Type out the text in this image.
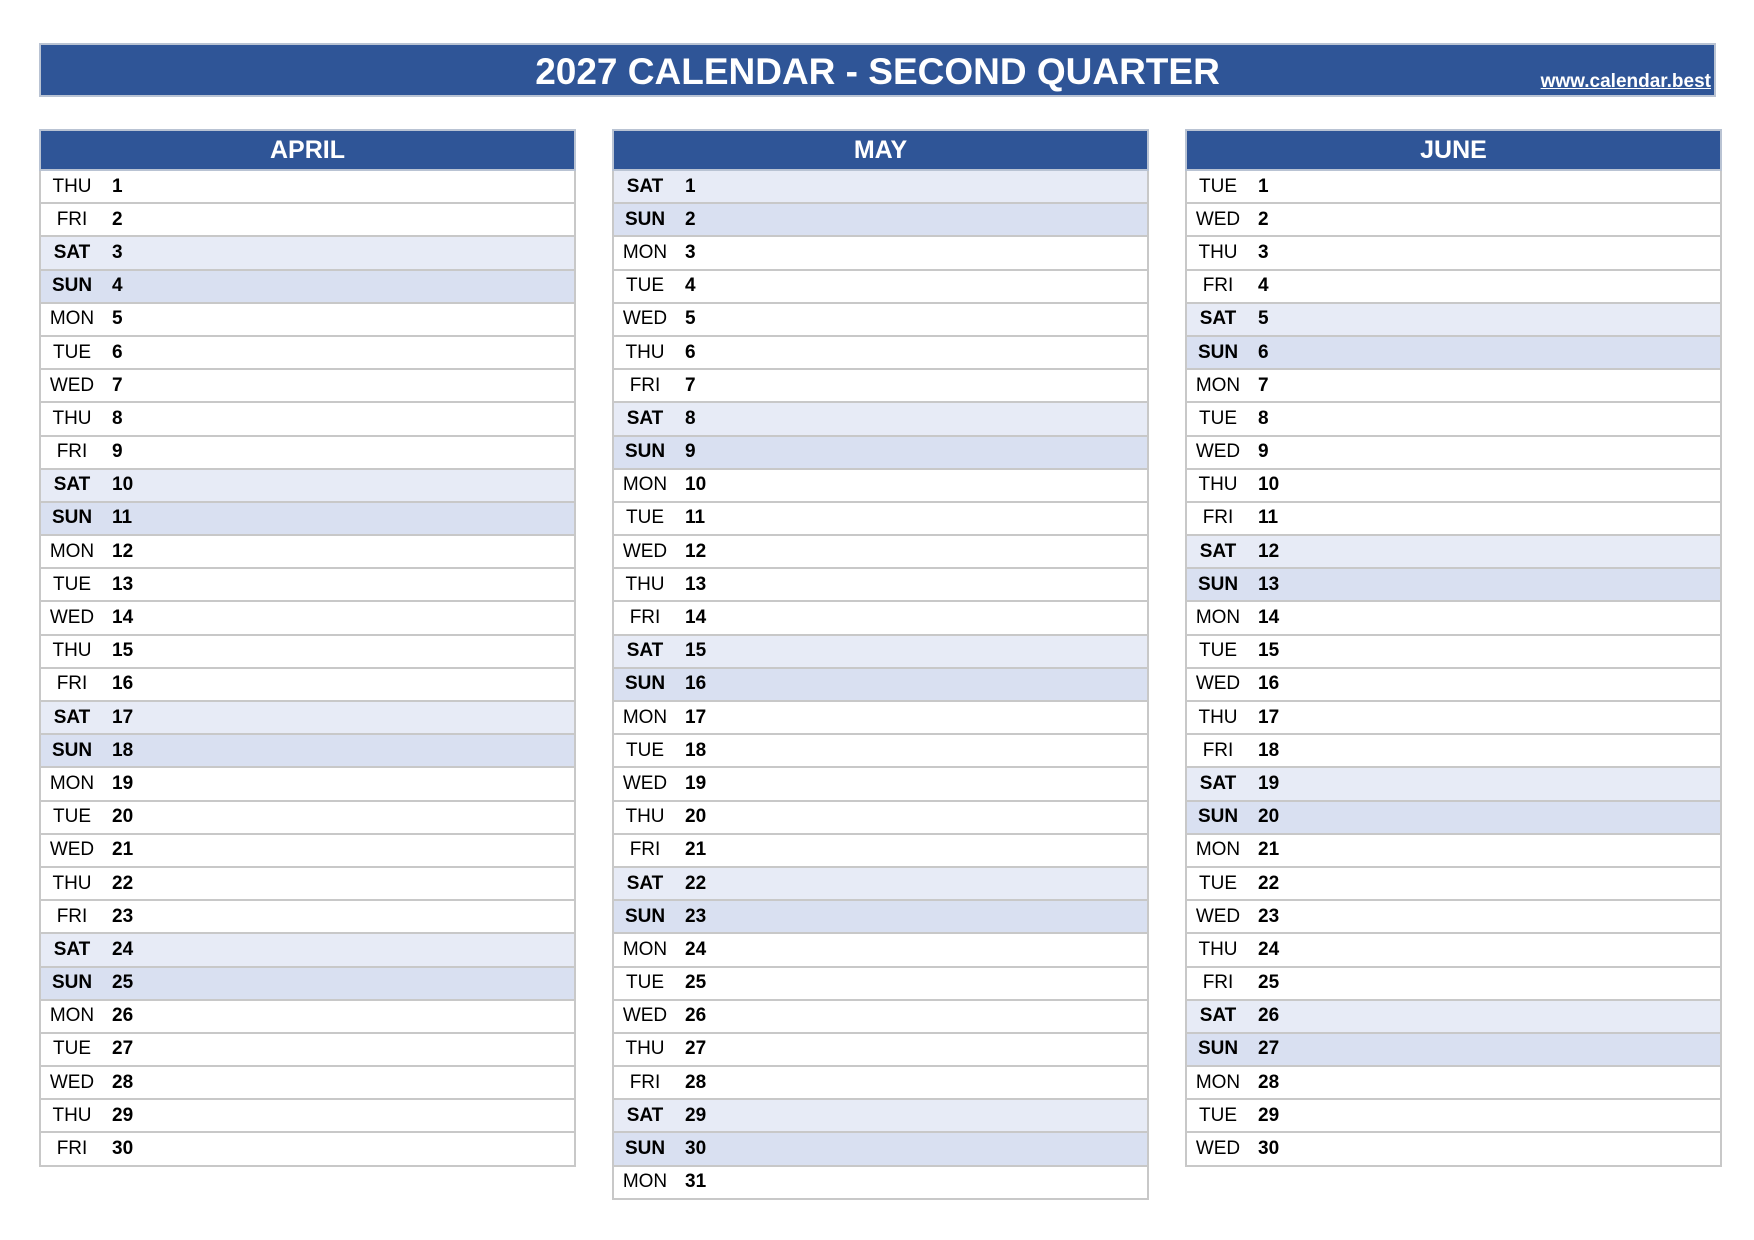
2027 CALENDAR - SECOND QUARTER	www.calendar.best
APRIL
THU	1
FRI	2
SAT	3
SUN	4
MON 5
TUE	6
WED 7
THU	8
FRI	9
SAT	10
SUN	11
MON 12
TUE	13
WED 14
THU	15
FRI	16
SAT	17
SUN	18
MON 19
TUE	20
WED 21
THU	22
FRI	23
SAT	24
SUN	25
MON 26
TUE	27
WED 28
THU	29
FRI	30
MAY
SAT	1
SUN	2
MON 3
TUE	4
WED 5
THU	6
FRI	7
SAT	8
SUN	9
MON 10
TUE	11
WED 12
THU	13
FRI	14
SAT	15
SUN	16
MON 17
TUE	18
WED 19
THU	20
FRI	21
SAT	22
SUN	23
MON 24
TUE	25
WED 26
THU	27
FRI	28
SAT	29
SUN	30
MON 31
JUNE
TUE	1
WED 2
THU	3
FRI	4
SAT	5
SUN	6
MON 7
TUE	8
WED 9
THU	10
FRI	11
SAT	12
SUN	13
MON 14
TUE	15
WED 16
THU	17
FRI	18
SAT	19
SUN	20
MON 21
TUE	22
WED 23
THU	24
FRI	25
SAT	26
SUN	27
MON 28
TUE	29
WED 30
